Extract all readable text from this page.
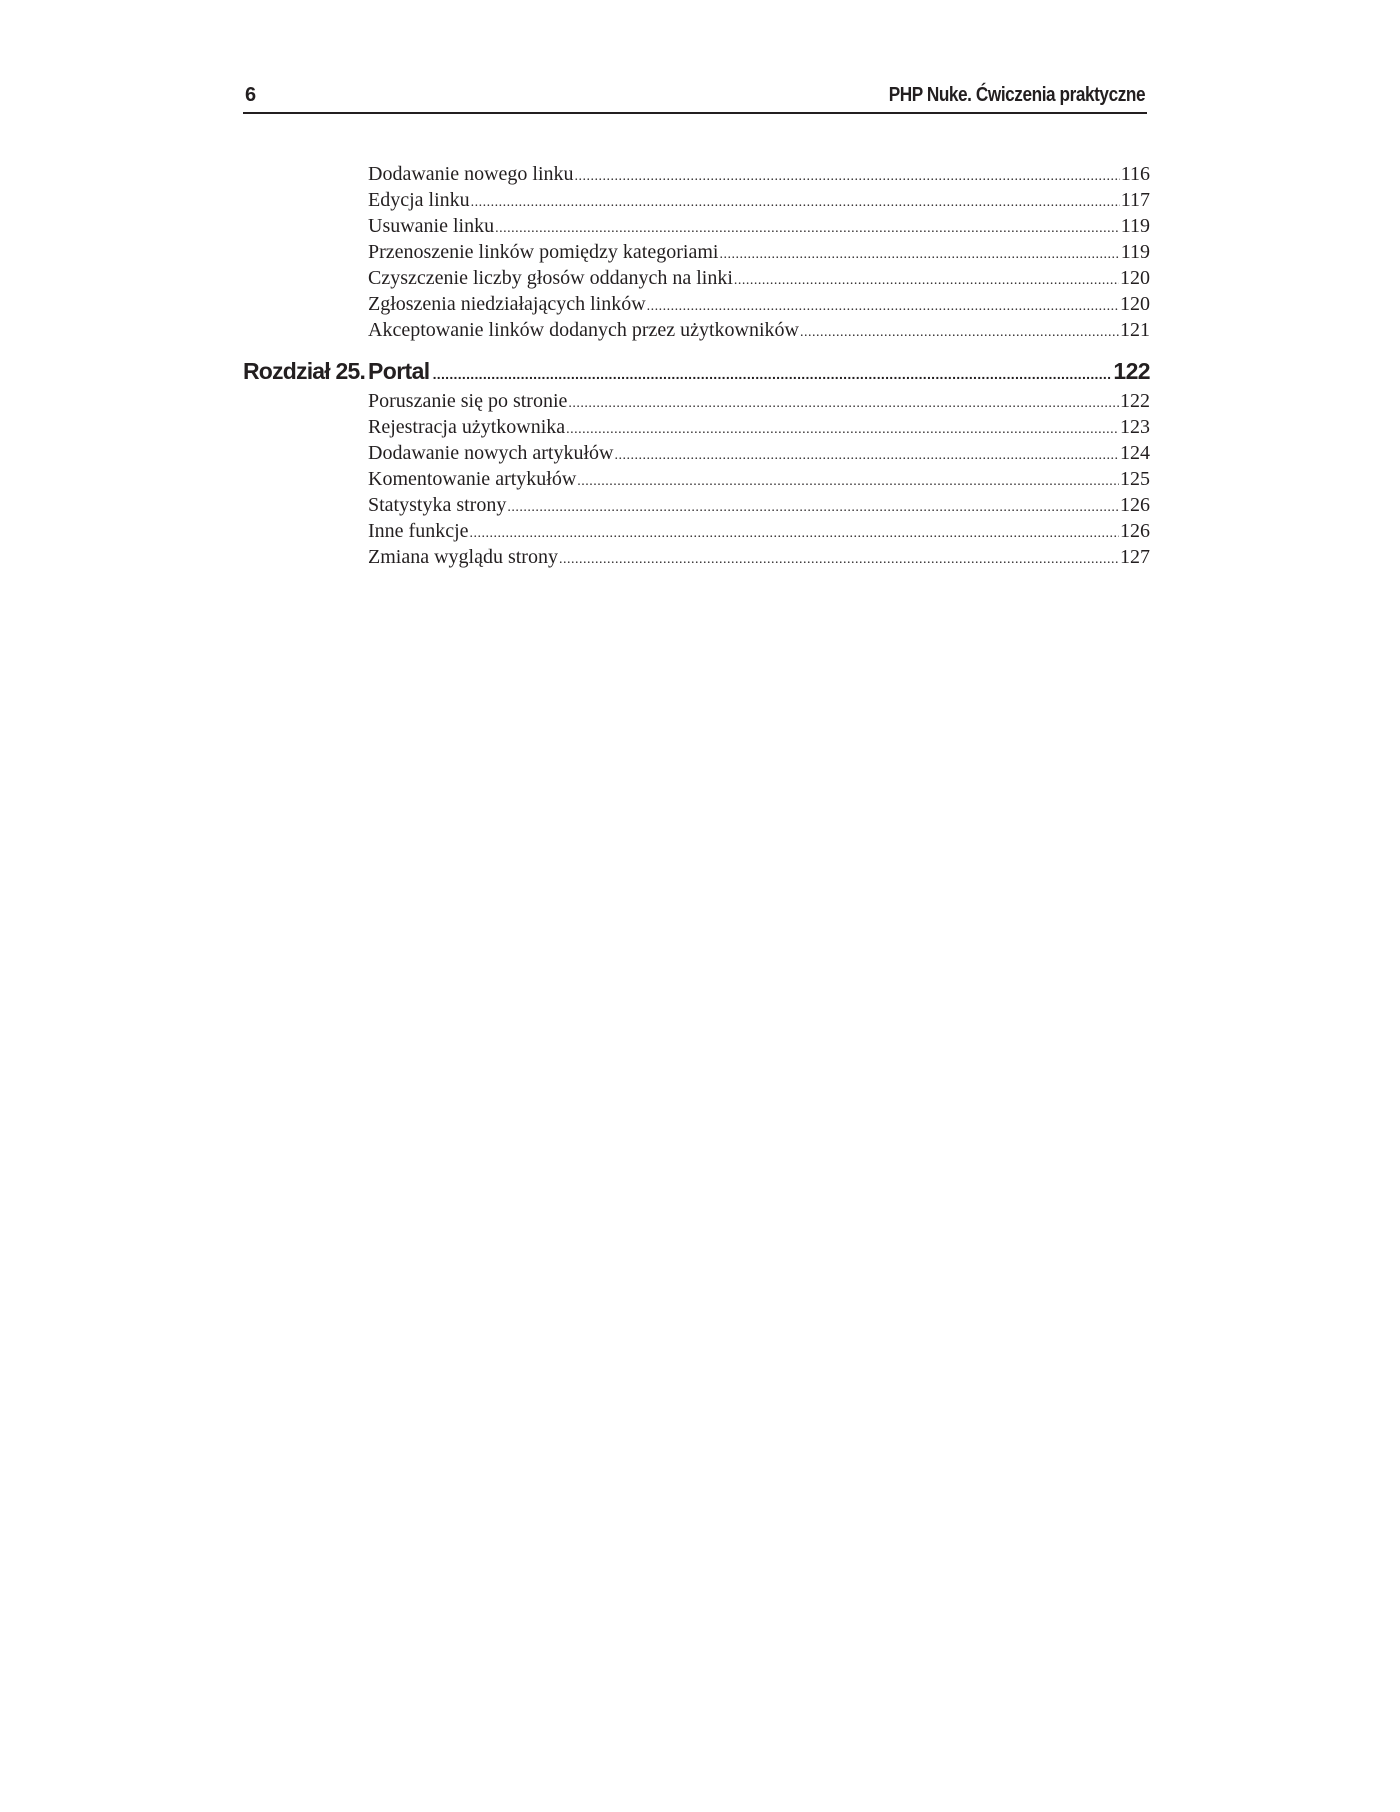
6	PHP Nuke. Ćwiczenia praktyczne
Dodawanie nowego linku .....	116
Edycja linku .....	117
Usuwanie linku .....	119
Przenoszenie linków pomiędzy kategoriami .....	119
Czyszczenie liczby głosów oddanych na linki .....	120
Zgłoszenia niedziałających linków .....	120
Akceptowanie linków dodanych przez użytkowników .....	121
Rozdział 25. Portal .....	122
Poruszanie się po stronie .....	122
Rejestracja użytkownika .....	123
Dodawanie nowych artykułów .....	124
Komentowanie artykułów .....	125
Statystyka strony .....	126
Inne funkcje .....	126
Zmiana wyglądu strony .....	127
